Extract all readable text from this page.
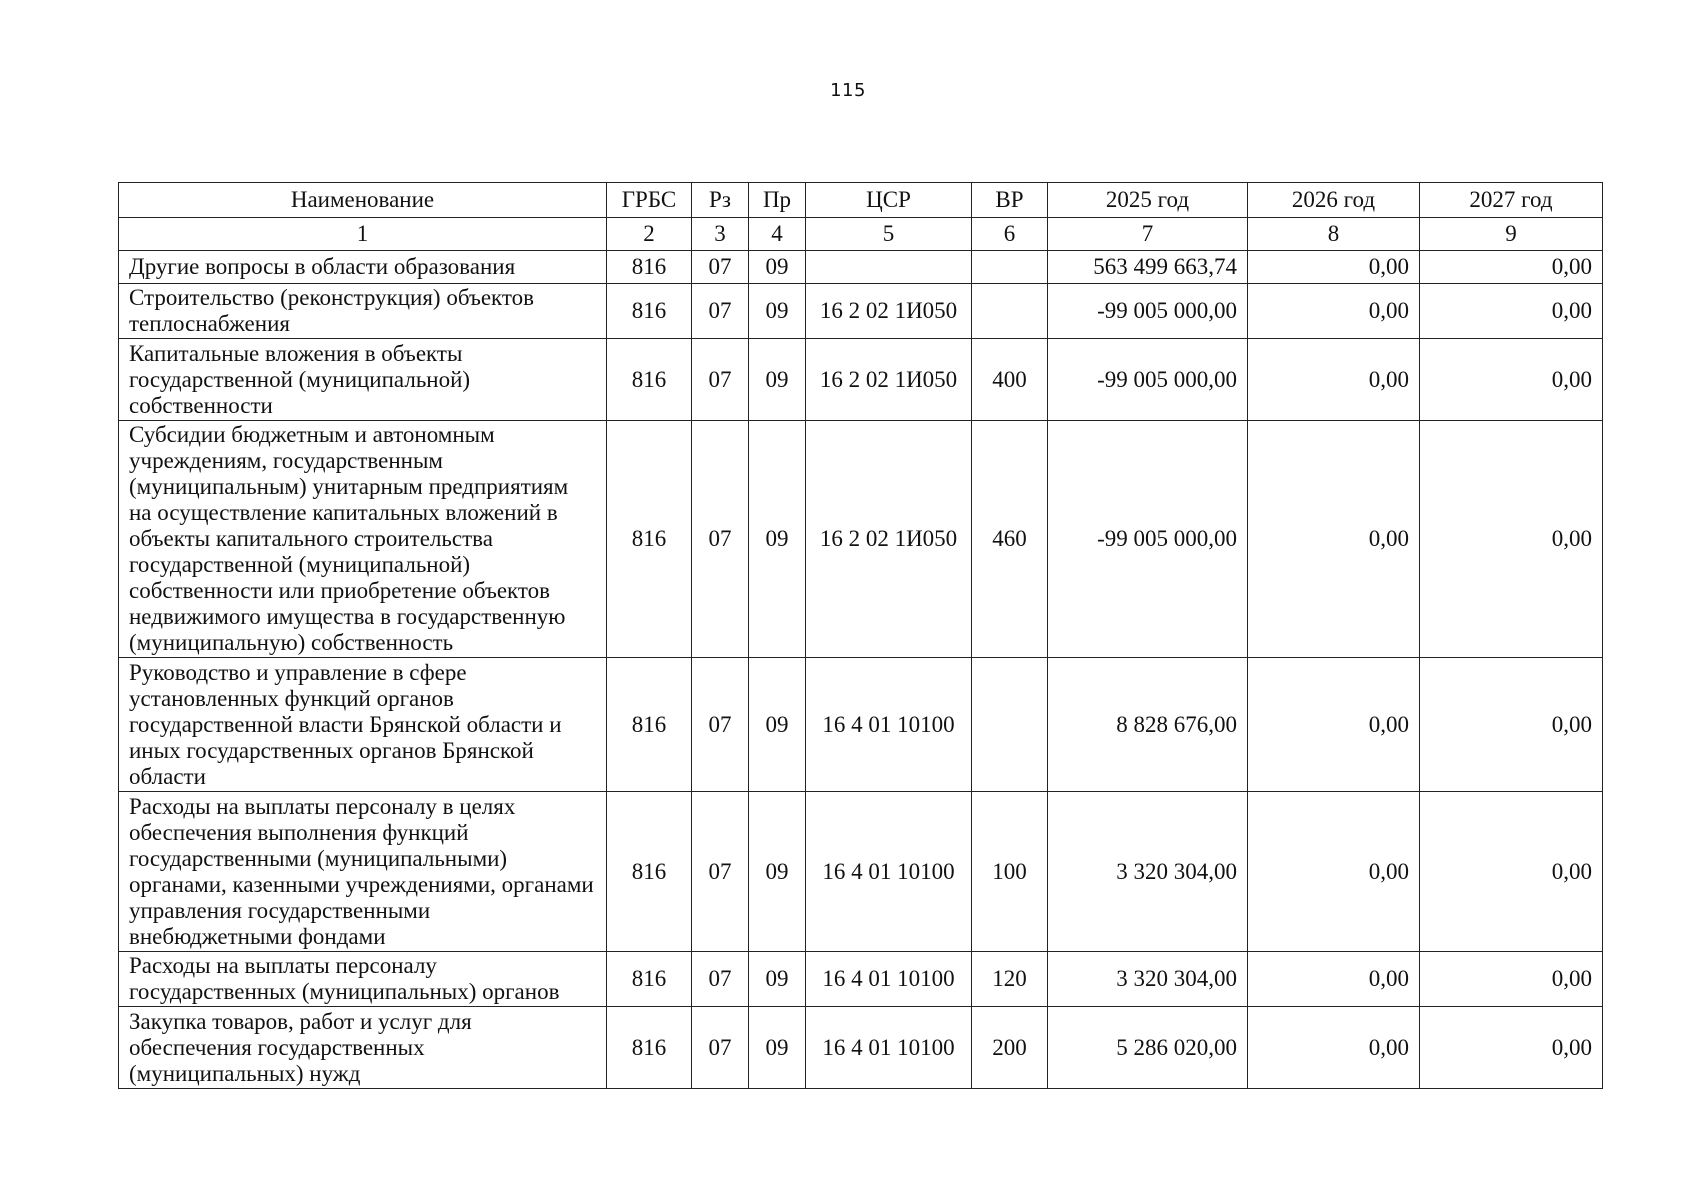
115
Наименование	ГРБС	Рз	Пр	ЦСР	ВР	2025 год	2026 год	2027 год
1	2	3	4	5	6	7	8	9
Другие вопросы в области образования	816	07	09			563 499 663,74	0,00	0,00
Строительство (реконструкция) объектов теплоснабжения	816	07	09	16 2 02 1И050		-99 005 000,00	0,00	0,00
Капитальные вложения в объекты государственной (муниципальной) собственности	816	07	09	16 2 02 1И050	400	-99 005 000,00	0,00	0,00
Субсидии бюджетным и автономным учреждениям, государственным (муниципальным) унитарным предприятиям на осуществление капитальных вложений в объекты капитального строительства государственной (муниципальной) собственности или приобретение объектов недвижимого имущества в государственную (муниципальную) собственность	816	07	09	16 2 02 1И050	460	-99 005 000,00	0,00	0,00
Руководство и управление в сфере установленных функций органов государственной власти Брянской области и иных государственных органов Брянской области	816	07	09	16 4 01 10100		8 828 676,00	0,00	0,00
Расходы на выплаты персоналу в целях обеспечения выполнения функций государственными (муниципальными) органами, казенными учреждениями, органами управления государственными внебюджетными фондами	816	07	09	16 4 01 10100	100	3 320 304,00	0,00	0,00
Расходы на выплаты персоналу государственных (муниципальных) органов	816	07	09	16 4 01 10100	120	3 320 304,00	0,00	0,00
Закупка товаров, работ и услуг для обеспечения государственных (муниципальных) нужд	816	07	09	16 4 01 10100	200	5 286 020,00	0,00	0,00
